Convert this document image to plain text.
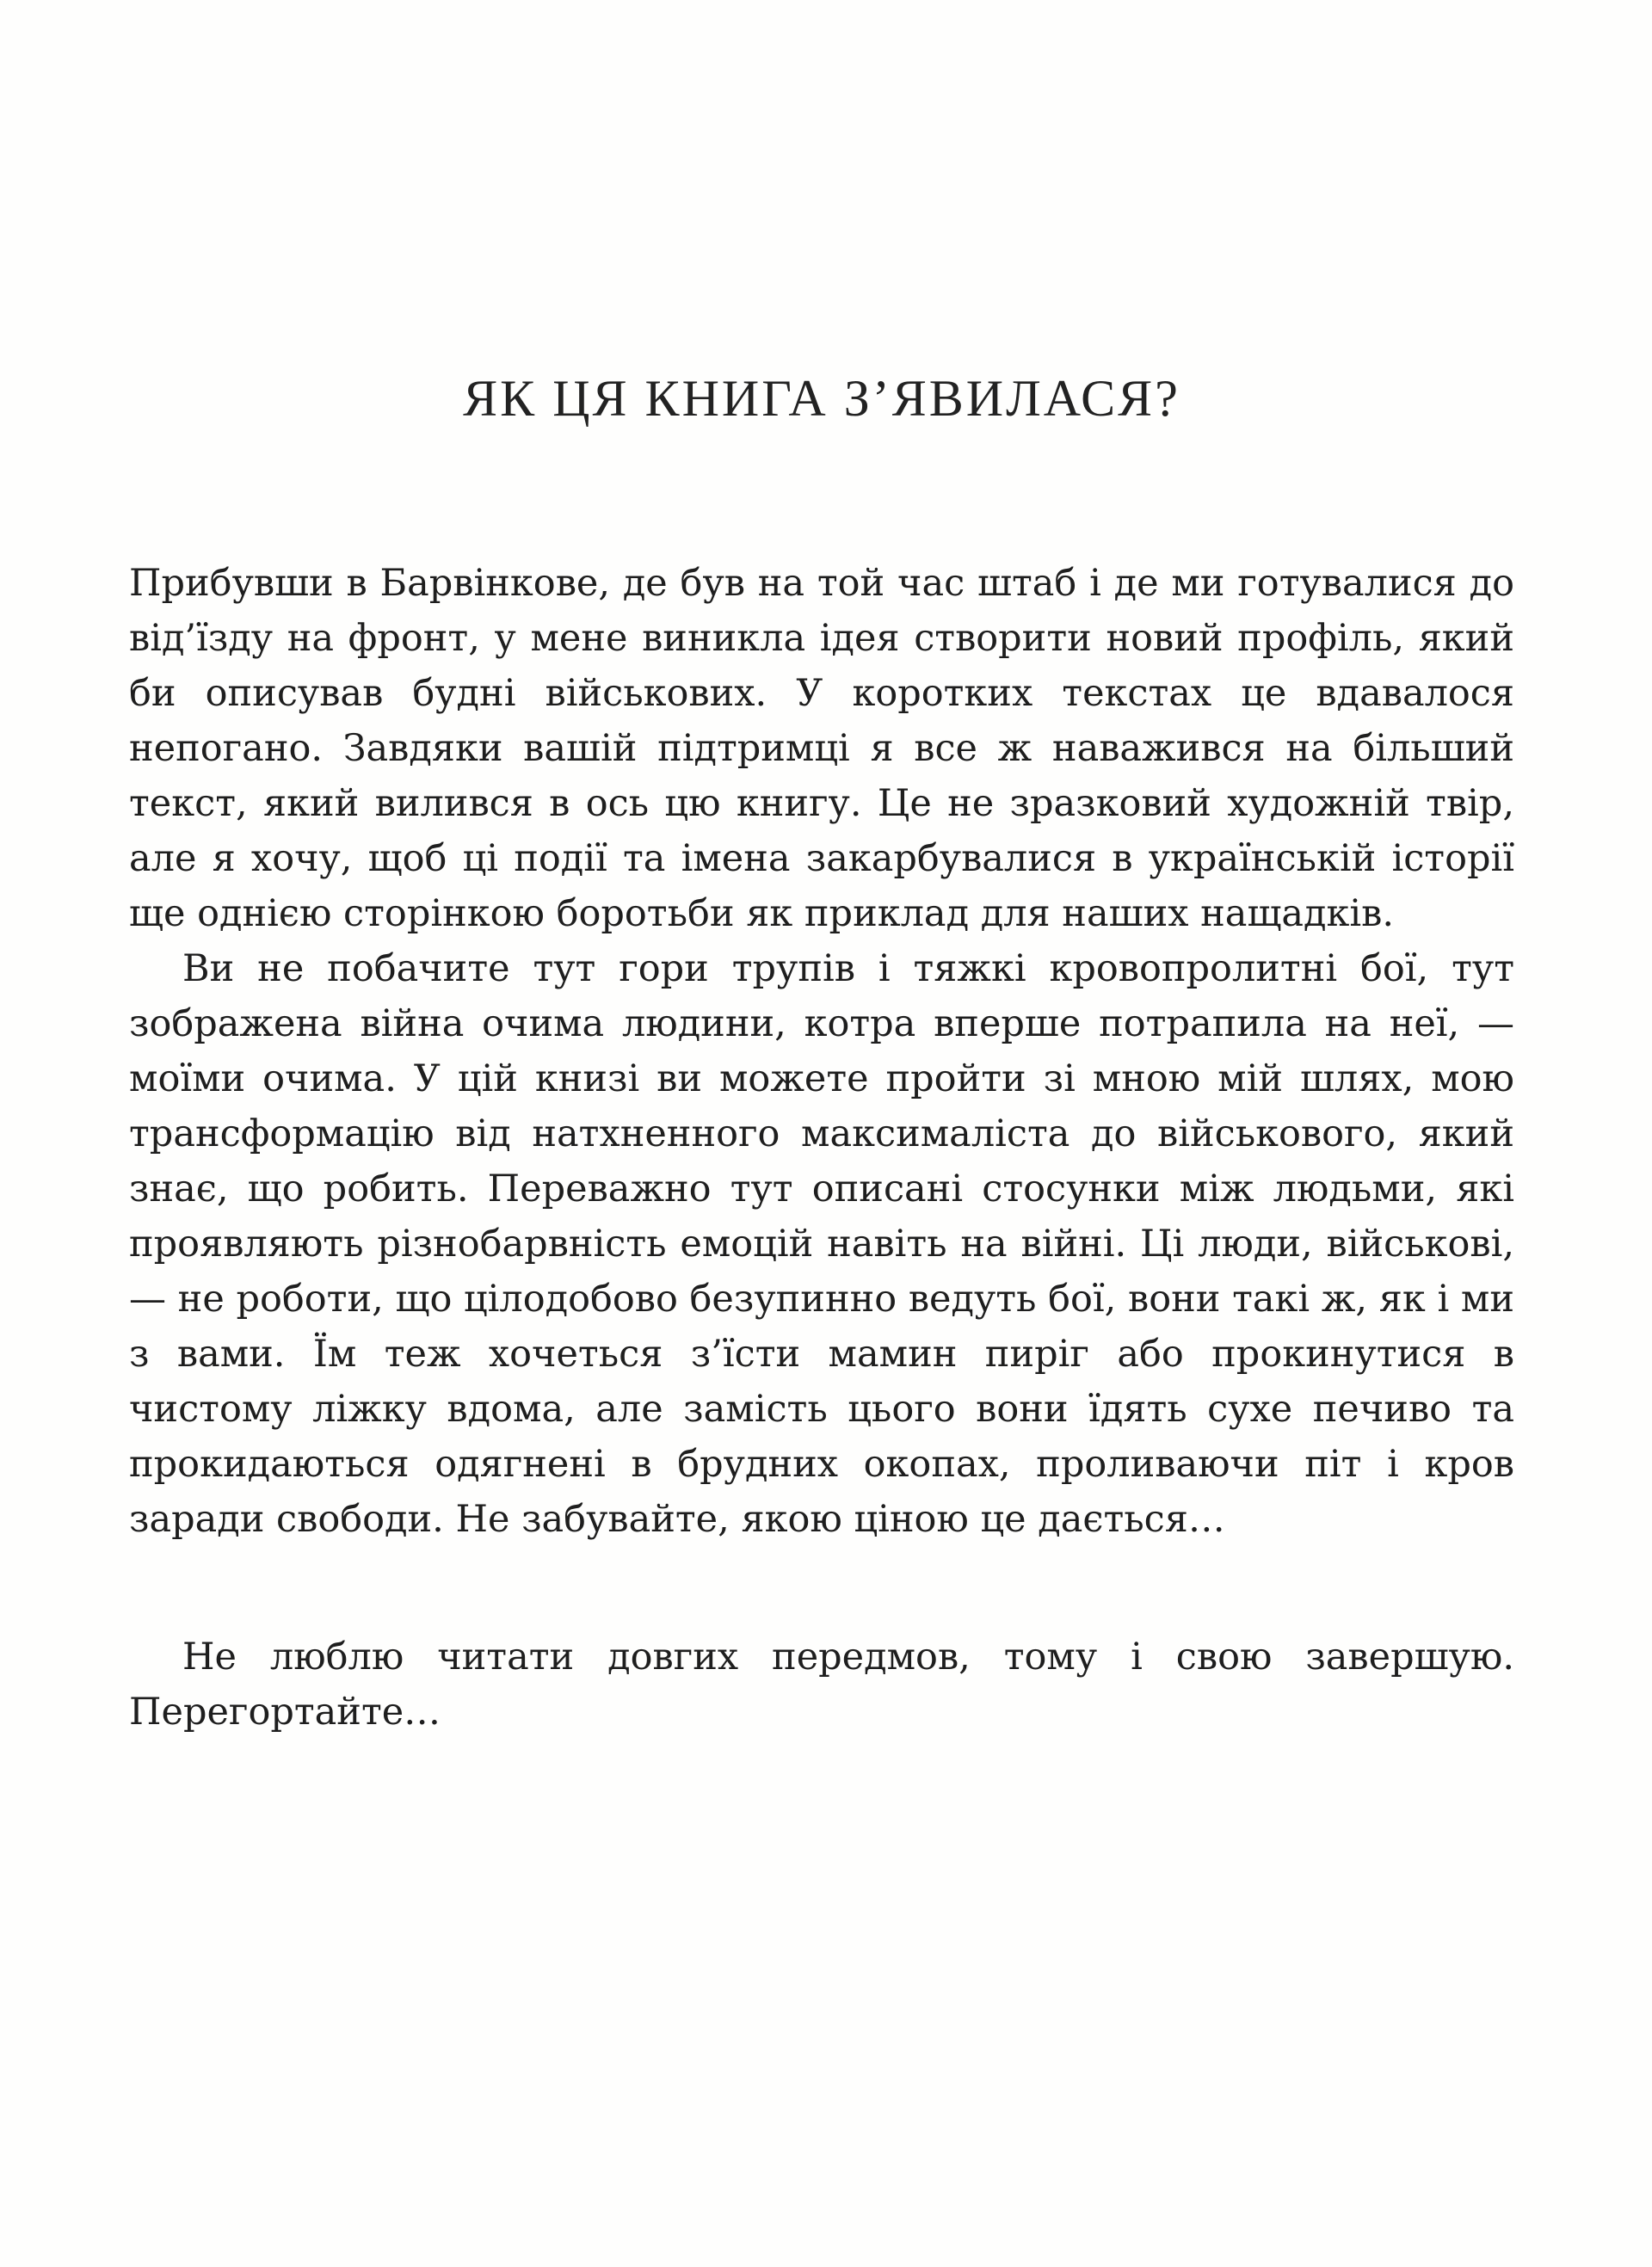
ЯК ЦЯ КНИГА З’ЯВИЛАСЯ?

Прибувши в Барвінкове, де був на той час штаб і де ми готувалися до від’їзду на фронт, у мене виникла ідея створити новий профіль, який би описував будні військових. У коротких текстах це вдавалося непогано. Завдяки вашій підтримці я все ж наважився на більший текст, який вилився в ось цю книгу. Це не зразковий художній твір, але я хочу, щоб ці події та імена закарбувалися в українській історії ще однією сторінкою боротьби як приклад для наших нащадків.

Ви не побачите тут гори трупів і тяжкі кровопролитні бої, тут зображена війна очима людини, котра вперше потрапила на неї, — моїми очима. У цій книзі ви можете пройти зі мною мій шлях, мою трансформацію від натхненного максималіста до військового, який знає, що робить. Переважно тут описані стосунки між людьми, які проявляють різнобарвність емоцій навіть на війні. Ці люди, військові, — не роботи, що цілодобово безупинно ведуть бої, вони такі ж, як і ми з вами. Їм теж хочеться з’їсти мамин пиріг або прокинутися в чистому ліжку вдома, але замість цього вони їдять сухе печиво та прокидаються одягнені в брудних окопах, проливаючи піт і кров заради свободи. Не забувайте, якою ціною це дається…

Не люблю читати довгих передмов, тому і свою завершую. Перегортайте…
